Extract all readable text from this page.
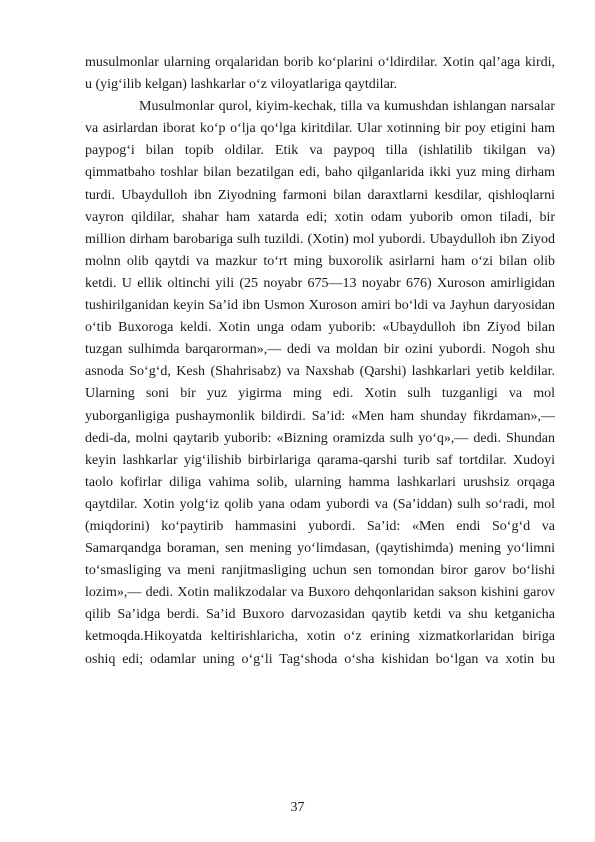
musulmonlar ularning orqalaridan borib ko‘plarini o‘ldirdilar. Xotin qal’aga kirdi,
u (yig‘ilib kelgan) lashkarlar o‘z viloyatlariga qaytdilar.
Musulmonlar qurol, kiyim-kechak, tilla va kumushdan ishlangan narsalar
va asirlardan iborat ko‘p o‘lja qo‘lga kiritdilar. Ular xotinning bir poy etigini ham
paypog‘i bilan topib oldilar. Etik va paypoq tilla (ishlatilib tikilgan va)
qimmatbaho toshlar bilan bezatilgan edi, baho qilganlarida ikki yuz ming dirham
turdi. Ubaydulloh ibn Ziyodning farmoni bilan daraxtlarni kesdilar, qishloqlarni
vayron qildilar, shahar ham xatarda edi; xotin odam yuborib omon tiladi, bir
million dirham barobariga sulh tuzildi. (Xotin) mol yubordi. Ubaydulloh ibn Ziyod
molnn olib qaytdi va mazkur to‘rt ming buxorolik asirlarni ham o‘zi bilan olib
ketdi. U ellik oltinchi yili (25 noyabr 675—13 noyabr 676) Xuroson amirligidan
tushirilganidan keyin Sa’id ibn Usmon Xuroson amiri bo‘ldi va Jayhun daryosidan
o‘tib Buxoroga keldi. Xotin unga odam yuborib: «Ubaydulloh ibn Ziyod bilan
tuzgan sulhimda barqarorman»,— dedi va moldan bir ozini yubordi. Nogoh shu
asnoda So‘g‘d, Kesh (Shahrisabz) va Naxshab (Qarshi) lashkarlari yetib keldilar.
Ularning soni bir yuz yigirma ming edi. Xotin sulh tuzganligi va mol
yuborganligiga pushaymonlik bildirdi. Sa’id: «Men ham shunday fikrdaman»,—
dedi-da, molni qaytarib yuborib: «Bizning oramizda sulh yo‘q»,— dedi. Shundan
keyin lashkarlar yig‘ilishib birbirlariga qarama-qarshi turib saf tortdilar. Xudoyi
taolo kofirlar diliga vahima solib, ularning hamma lashkarlari urushsiz orqaga
qaytdilar. Xotin yolg‘iz qolib yana odam yubordi va (Sa’iddan) sulh so‘radi, mol
(miqdorini) ko‘paytirib hammasini yubordi. Sa’id: «Men endi So‘g‘d va
Samarqandga boraman, sen mening yo‘limdasan, (qaytishimda) mening yo‘limni
to‘smasliging va meni ranjitmasliging uchun sen tomondan biror garov bo‘lishi
lozim»,— dedi. Xotin malikzodalar va Buxoro dehqonlaridan sakson kishini garov
qilib Sa’idga berdi. Sa’id Buxoro darvozasidan qaytib ketdi va shu ketganicha
ketmoqda.Hikoyatda keltirishlaricha, xotin o‘z erining xizmatkorlaridan biriga
oshiq edi; odamlar uning o‘g‘li Tag‘shoda o‘sha kishidan bo‘lgan va xotin bu
37
